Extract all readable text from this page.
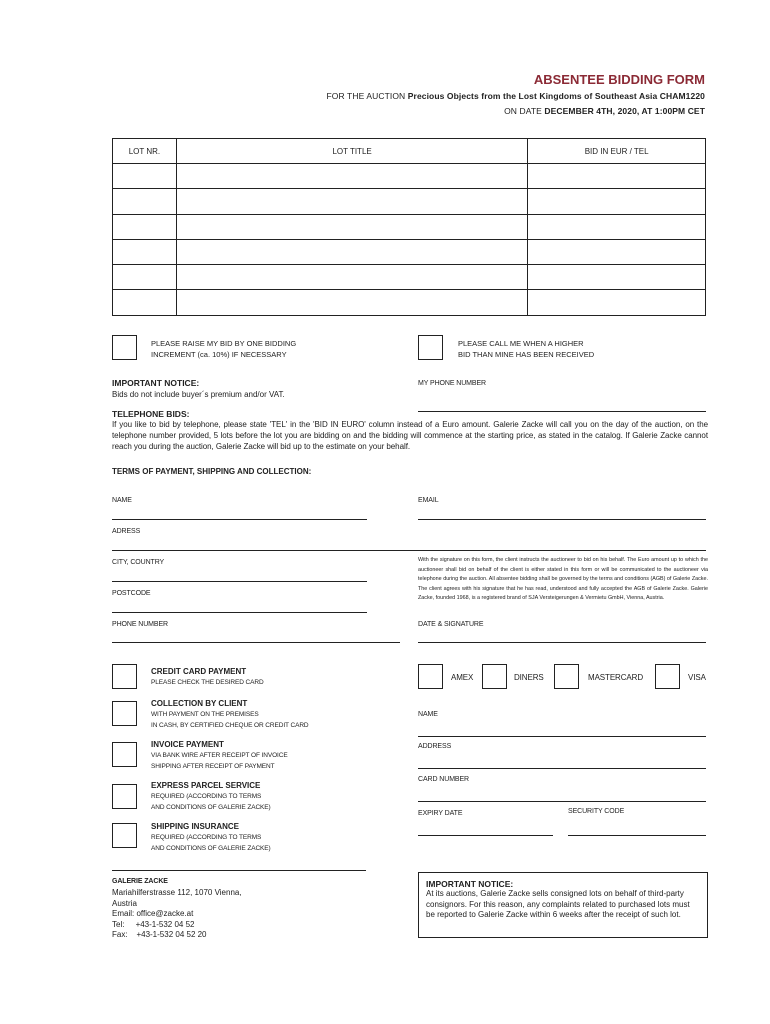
ABSENTEE BIDDING FORM
FOR THE AUCTION Precious Objects from the Lost Kingdoms of Southeast Asia CHAM1220
ON DATE DECEMBER 4TH, 2020, AT 1:00PM CET
LOT NR.	LOT TITLE	BID IN EUR / TEL

PLEASE RAISE MY BID BY ONE BIDDING
INCREMENT (ca. 10%) IF NECESSARY
PLEASE CALL ME WHEN A HIGHER
BID THAN MINE HAS BEEN RECEIVED
IMPORTANT NOTICE:
Bids do not include buyer´s premium and/or VAT.
MY PHONE NUMBER
TELEPHONE BIDS:
If you like to bid by telephone, please state 'TEL' in the 'BID IN EURO' column instead of a Euro amount. Galerie Zacke will call you on the day of the auction, on the telephone number provided, 5 lots before the lot you are bidding on and the bidding will commence at the starting price, as stated in the catalog. If Galerie Zacke cannot reach you during the auction, Galerie Zacke will bid up to the estimate on your behalf.
TERMS OF PAYMENT, SHIPPING AND COLLECTION:
NAME	EMAIL
ADRESS
CITY, COUNTRY	With the signature on this form, the client instructs the auctioneer to bid on his behalf. The Euro amount up to which the auctioneer shall bid on behalf of the client is either stated in this form or will be communicated to the auctioneer via telephone during the auction. All absentee bidding shall be governed by the terms and conditions (AGB) of Galerie Zacke. The client agrees with his signature that he has read, understood and fully accepted the AGB of Galerie Zacke. Galerie Zacke, founded 1968, is a registered brand of SJA Versteigerungen & Vermietu GmbH, Vienna, Austria.
POSTCODE
PHONE NUMBER	DATE & SIGNATURE
CREDIT CARD PAYMENT
PLEASE CHECK THE DESIRED CARD
COLLECTION BY CLIENT
WITH PAYMENT ON THE PREMISES
IN CASH, BY CERTIFIED CHEQUE OR CREDIT CARD
INVOICE PAYMENT
VIA BANK WIRE AFTER RECEIPT OF INVOICE
SHIPPING AFTER RECEIPT OF PAYMENT
EXPRESS PARCEL SERVICE
REQUIRED (ACCORDING TO TERMS
AND CONDITIONS OF GALERIE ZACKE)
SHIPPING INSURANCE
REQUIRED (ACCORDING TO TERMS
AND CONDITIONS OF GALERIE ZACKE)
AMEX	DINERS	MASTERCARD	VISA
NAME
ADDRESS
CARD NUMBER
EXPIRY DATE	SECURITY CODE
GALERIE ZACKE
Mariahilferstrasse 112, 1070 Vienna,
Austria
Email: office@zacke.at
Tel:     +43-1-532 04 52
Fax:    +43-1-532 04 52 20
IMPORTANT NOTICE:
At its auctions, Galerie Zacke sells consigned lots on behalf of third-party consignors. For this reason, any complaints related to purchased lots must be reported to Galerie Zacke within 6 weeks after the receipt of such lot.
